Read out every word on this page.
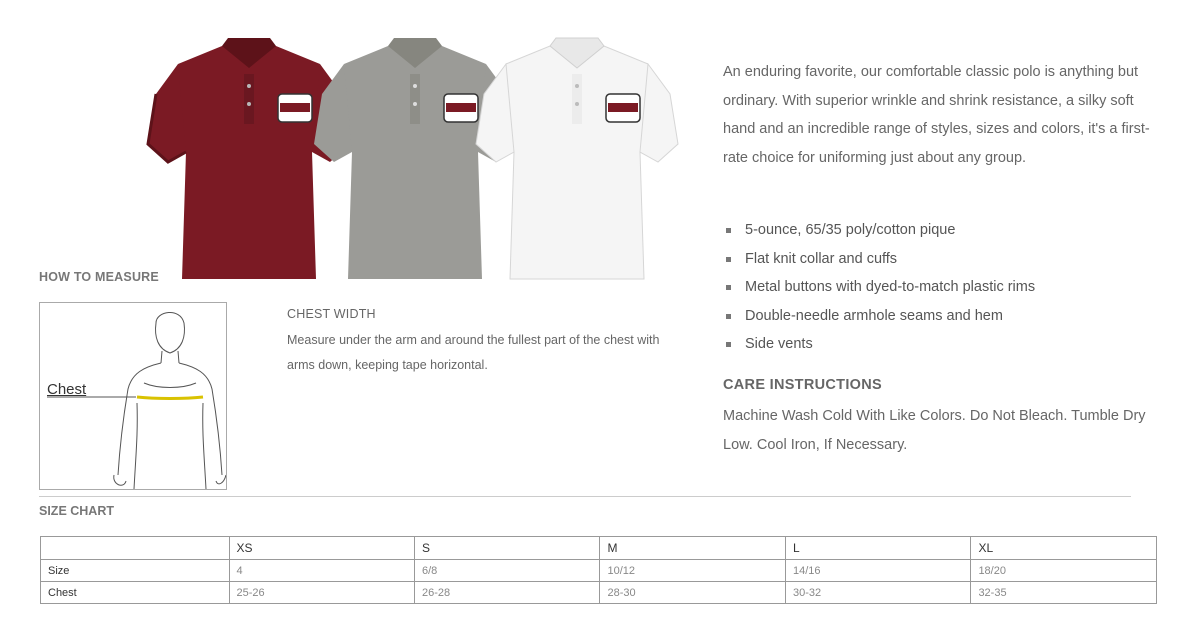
An enduring favorite, our comfortable classic polo is anything but ordinary. With superior wrinkle and shrink resistance, a silky soft hand and an incredible range of styles, sizes and colors, it's a first-rate choice for uniforming just about any group.
5-ounce, 65/35 poly/cotton pique
Flat knit collar and cuffs
Metal buttons with dyed-to-match plastic rims
Double-needle armhole seams and hem
Side vents
CARE INSTRUCTIONS
Machine Wash Cold With Like Colors. Do Not Bleach. Tumble Dry Low. Cool Iron, If Necessary.
HOW TO MEASURE
Chest
CHEST WIDTH
Measure under the arm and around the fullest part of the chest with arms down, keeping tape horizontal.
SIZE CHART
	XS	S	M	L	XL
Size	4	6/8	10/12	14/16	18/20
Chest	25-26	26-28	28-30	30-32	32-35
